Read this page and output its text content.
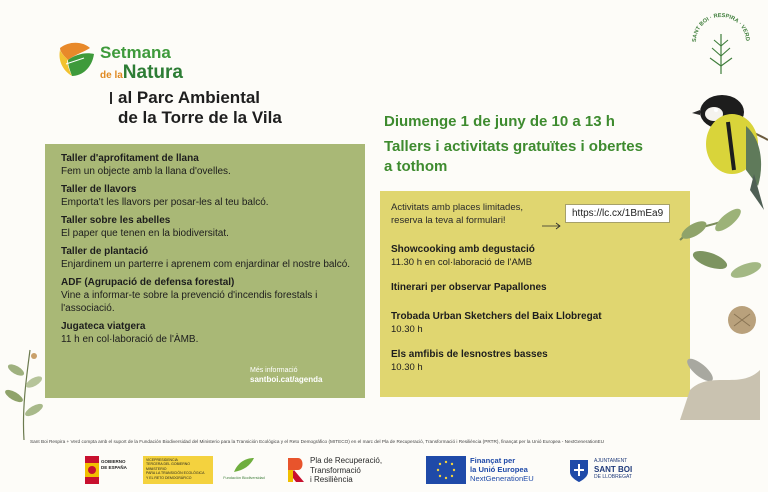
Setmana
de laNatura
al Parc Ambiental
de la Torre de la Vila	Diumenge 1 de juny de 10 a 13 h
Tallers i activitats gratuïtes i obertes a tothom
Taller d'aprofitament de llana
Fem un objecte amb la llana d'ovelles.
Taller de llavors
Emporta't les llavors per posar-les al teu balcó.
Taller sobre les abelles
El paper que tenen en la biodiversitat.
Taller de plantació
Enjardinem un parterre i aprenem com enjardinar el nostre balcó.
ADF (Agrupació de defensa forestal)
Vine a informar-te sobre la prevenció d'incendis forestals i l'associació.
Jugateca viatgera
11 h en col·laboració de l'ÀMB.
Més informació
santboi.cat/agenda
Activitats amb places limitades,
reserva la teva al formulari!
Showcooking amb degustació
11.30 h en col·laboració de l'AMB
Itinerari per observar Papallones
Trobada Urban Sketchers del Baix Llobregat
10.30 h
Els amfibis de lesnostres basses
10.30 h
https://lc.cx/1BmEa9
SANT BOI · RESPIRA · VERD
Sant Boi Respira + Verd compta amb el suport de la Fundación Biodiversidad del Ministerio para la Transición Ecológica y el Reto Demográfico (MITECO) en el marc del Pla de Recuperació, Transformació i Resiliència (PRTR), finançat per la Unió Europea - NextGenerationEU
GOBIERNO
DE ESPAÑA
VICEPRESIDENCIA
TERCERA DEL GOBIERNO
MINISTERIO
PARA LA TRANSICIÓN ECOLÓGICA
Y EL RETO DEMOGRÁFICO	Fundación Biodiversidad
Pla de Recuperació,
Transformació
i Resiliència
Finançat per
la Unió Europea
NextGenerationEU
AJUNTAMENT
SANT BOI
DE LLOBREGAT
